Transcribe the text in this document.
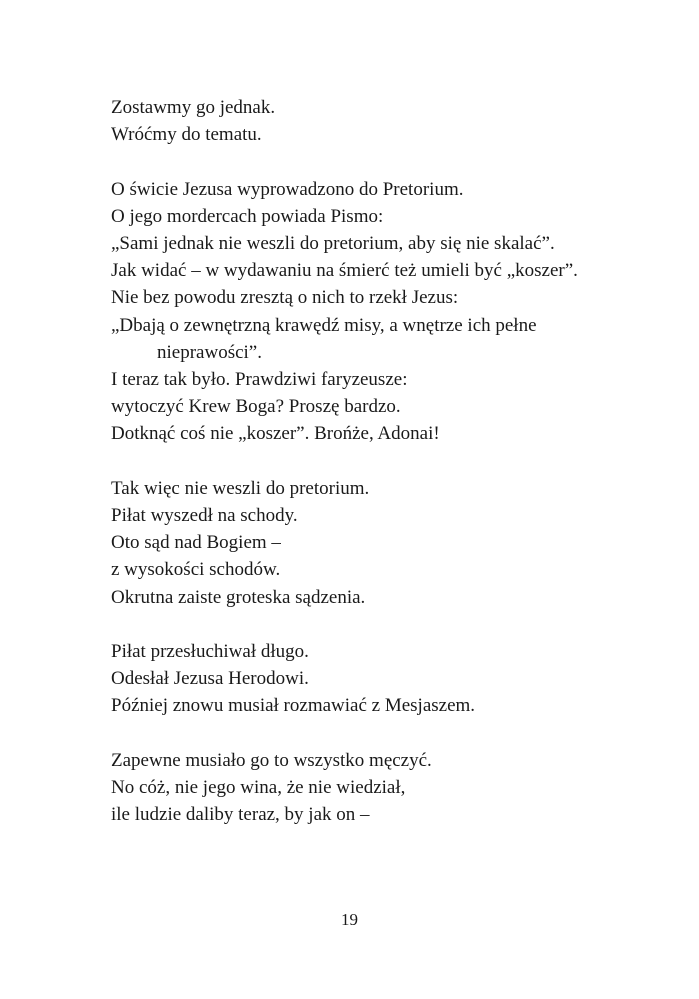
Zostawmy go jednak.
Wróćmy do tematu.
O świcie Jezusa wyprowadzono do Pretorium.
O jego mordercach powiada Pismo:
„Sami jednak nie weszli do pretorium, aby się nie skalać”.
Jak widać – w wydawaniu na śmierć też umieli być „koszer”.
Nie bez powodu zresztą o nich to rzekł Jezus:
„Dbają o zewnętrzną krawędź misy, a wnętrze ich pełne
nieprawości”.
I teraz tak było. Prawdziwi faryzeusze:
wytoczyć Krew Boga? Proszę bardzo.
Dotknąć coś nie „koszer”. Brońże, Adonai!
Tak więc nie weszli do pretorium.
Piłat wyszedł na schody.
Oto sąd nad Bogiem –
z wysokości schodów.
Okrutna zaiste groteska sądzenia.
Piłat przesłuchiwał długo.
Odesłał Jezusa Herodowi.
Później znowu musiał rozmawiać z Mesjaszem.
Zapewne musiało go to wszystko męczyć.
No cóż, nie jego wina, że nie wiedział,
ile ludzie daliby teraz, by jak on –
19
